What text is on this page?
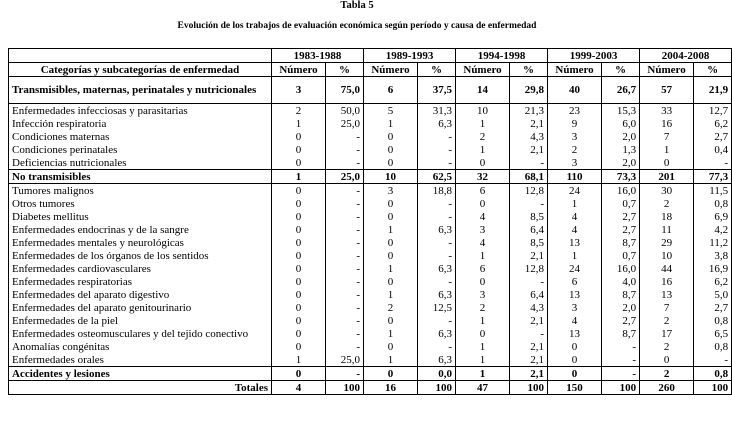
Tabla 5
Evolución de los trabajos de evaluación económica según período y causa de enfermedad
	1983-1988		1989-1993		1994-1998		1999-2003		2004-2008	
Categorías y subcategorías de enfermedad	Número	%	Número	%	Número	%	Número	%	Número	%
Transmisibles, maternas, perinatales y nutricionales	3	75,0	6	37,5	14	29,8	40	26,7	57	21,9
Enfermedades infecciosas y parasitarias	2	50,0	5	31,3	10	21,3	23	15,3	33	12,7
Infección respiratoria	1	25,0	1	6,3	1	2,1	9	6,0	16	6,2
Condiciones maternas	0	-	0	-	2	4,3	3	2,0	7	2,7
Condiciones perinatales	0	-	0	-	1	2,1	2	1,3	1	0,4
Deficiencias nutricionales	0	-	0	-	0	-	3	2,0	0	-
No transmisibles	1	25,0	10	62,5	32	68,1	110	73,3	201	77,3
Tumores malignos	0	-	3	18,8	6	12,8	24	16,0	30	11,5
Otros tumores	0	-	0	-	0	-	1	0,7	2	0,8
Diabetes mellitus	0	-	0	-	4	8,5	4	2,7	18	6,9
Enfermedades endocrinas y de la sangre	0	-	1	6,3	3	6,4	4	2,7	11	4,2
Enfermedades mentales y neurológicas	0	-	0	-	4	8,5	13	8,7	29	11,2
Enfermedades de los órganos de los sentidos	0	-	0	-	1	2,1	1	0,7	10	3,8
Enfermedades cardiovasculares	0	-	1	6,3	6	12,8	24	16,0	44	16,9
Enfermedades respiratorias	0	-	0	-	0	-	6	4,0	16	6,2
Enfermedades del aparato digestivo	0	-	1	6,3	3	6,4	13	8,7	13	5,0
Enfermedades del aparato genitourinario	0	-	2	12,5	2	4,3	3	2,0	7	2,7
Enfermedades de la piel	0	-	0	-	1	2,1	4	2,7	2	0,8
Enfermedades osteomusculares y del tejido conectivo	0	-	1	6,3	0	-	13	8,7	17	6,5
Anomalías congénitas	0	-	0	-	1	2,1	0	-	2	0,8
Enfermedades orales	1	25,0	1	6,3	1	2,1	0	-	0	-
Accidentes y lesiones	0	-	0	0,0	1	2,1	0	-	2	0,8
Totales	4	100	16	100	47	100	150	100	260	100
